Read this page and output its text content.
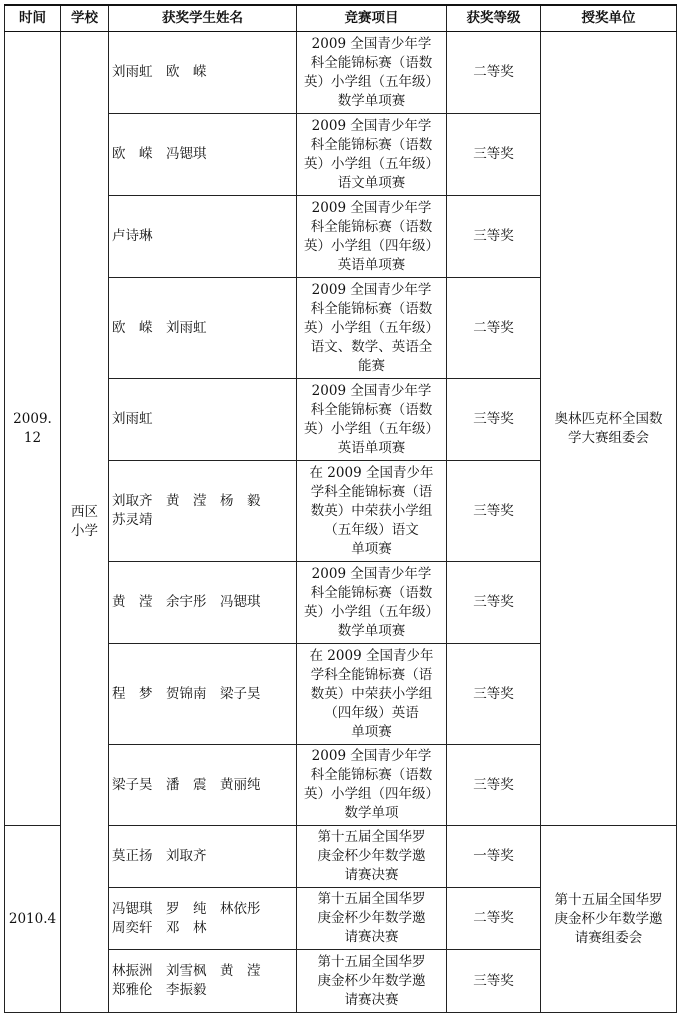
时间	学校	获奖学生姓名	竞赛项目	获奖等级	授奖单位

2009.
12	西区
小学	刘雨虹　欧　嵘	2009 全国青少年学
科全能锦标赛（语数
英）小学组（五年级）
数学单项赛	二等奖	奥林匹克杯全国数
学大赛组委会

		欧　嵘　冯锶琪	2009 全国青少年学
科全能锦标赛（语数
英）小学组（五年级）
语文单项赛	三等奖	

		卢诗琳	2009 全国青少年学
科全能锦标赛（语数
英）小学组（四年级）
英语单项赛	三等奖	

		欧　嵘　刘雨虹	2009 全国青少年学
科全能锦标赛（语数
英）小学组（五年级）
语文、数学、英语全
能赛	二等奖	

		刘雨虹	2009 全国青少年学
科全能锦标赛（语数
英）小学组（五年级）
英语单项赛	三等奖	

		刘取齐　黄　滢　杨　毅
苏灵靖	在 2009 全国青少年
学科全能锦标赛（语
数英）中荣获小学组
（五年级）语文
单项赛	三等奖	

		黄　滢　余宇彤　冯锶琪	2009 全国青少年学
科全能锦标赛（语数
英）小学组（五年级）
数学单项赛	三等奖	

		程　梦　贺锦南　梁子昊	在 2009 全国青少年
学科全能锦标赛（语
数英）中荣获小学组
（四年级）英语
单项赛	三等奖	

		梁子昊　潘　震　黄丽纯	2009 全国青少年学
科全能锦标赛（语数
英）小学组（四年级）
数学单项	三等奖	

2010.4		莫正扬　刘取齐	第十五届全国华罗
庚金杯少年数学邀
请赛决赛	一等奖	第十五届全国华罗
庚金杯少年数学邀
请赛组委会

		冯锶琪　罗　纯　林依彤
周奕轩　邓　林	第十五届全国华罗
庚金杯少年数学邀
请赛决赛	二等奖	

		林振洲　刘雪枫　黄　滢
郑雅伦　李振毅	第十五届全国华罗
庚金杯少年数学邀
请赛决赛	三等奖	
